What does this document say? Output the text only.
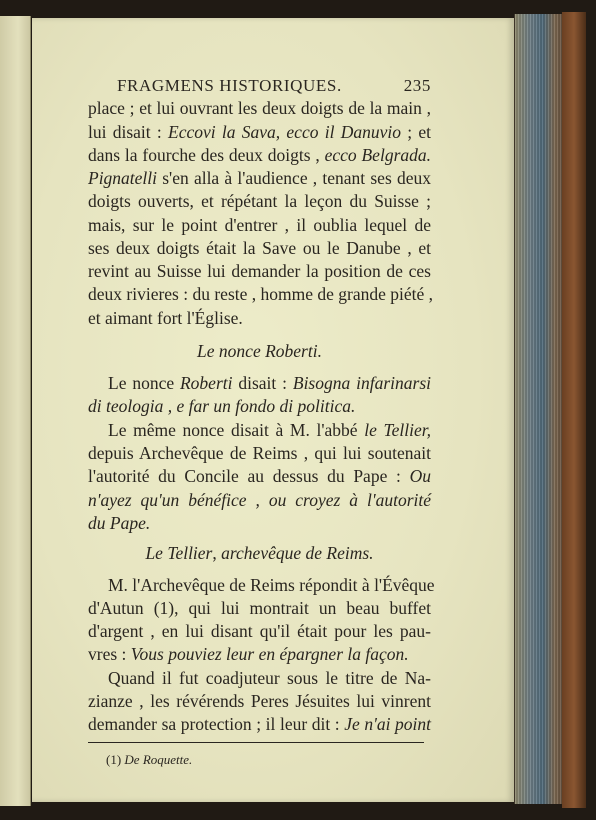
FRAGMENS HISTORIQUES.	235
place ; et lui ouvrant les deux doigts de la main ,
lui disait : Eccovi la Sava, ecco il Danuvio ; et
dans la fourche des deux doigts , ecco Belgrada.
Pignatelli s'en alla à l'audience , tenant ses deux
doigts ouverts, et répétant la leçon du Suisse ;
mais, sur le point d'entrer , il oublia lequel de
ses deux doigts était la Save ou le Danube , et
revint au Suisse lui demander la position de ces
deux rivieres : du reste , homme de grande piété ,
et aimant fort l'Église.
Le nonce Roberti.
Le nonce Roberti disait : Bisogna infarinarsi
di teologia , e far un fondo di politica.
Le même nonce disait à M. l'abbé le Tellier,
depuis Archevêque de Reims , qui lui soutenait
l'autorité du Concile au dessus du Pape : Ou
n'ayez qu'un bénéfice , ou croyez à l'autorité
du Pape.
Le Tellier, archevêque de Reims.
M. l'Archevêque de Reims répondit à l'Évêque
d'Autun (1), qui lui montrait un beau buffet
d'argent , en lui disant qu'il était pour les pau-
vres : Vous pouviez leur en épargner la façon.
Quand il fut coadjuteur sous le titre de Na-
zianze , les révérends Peres Jésuites lui vinrent
demander sa protection ; il leur dit : Je n'ai point
(1) De Roquette.
